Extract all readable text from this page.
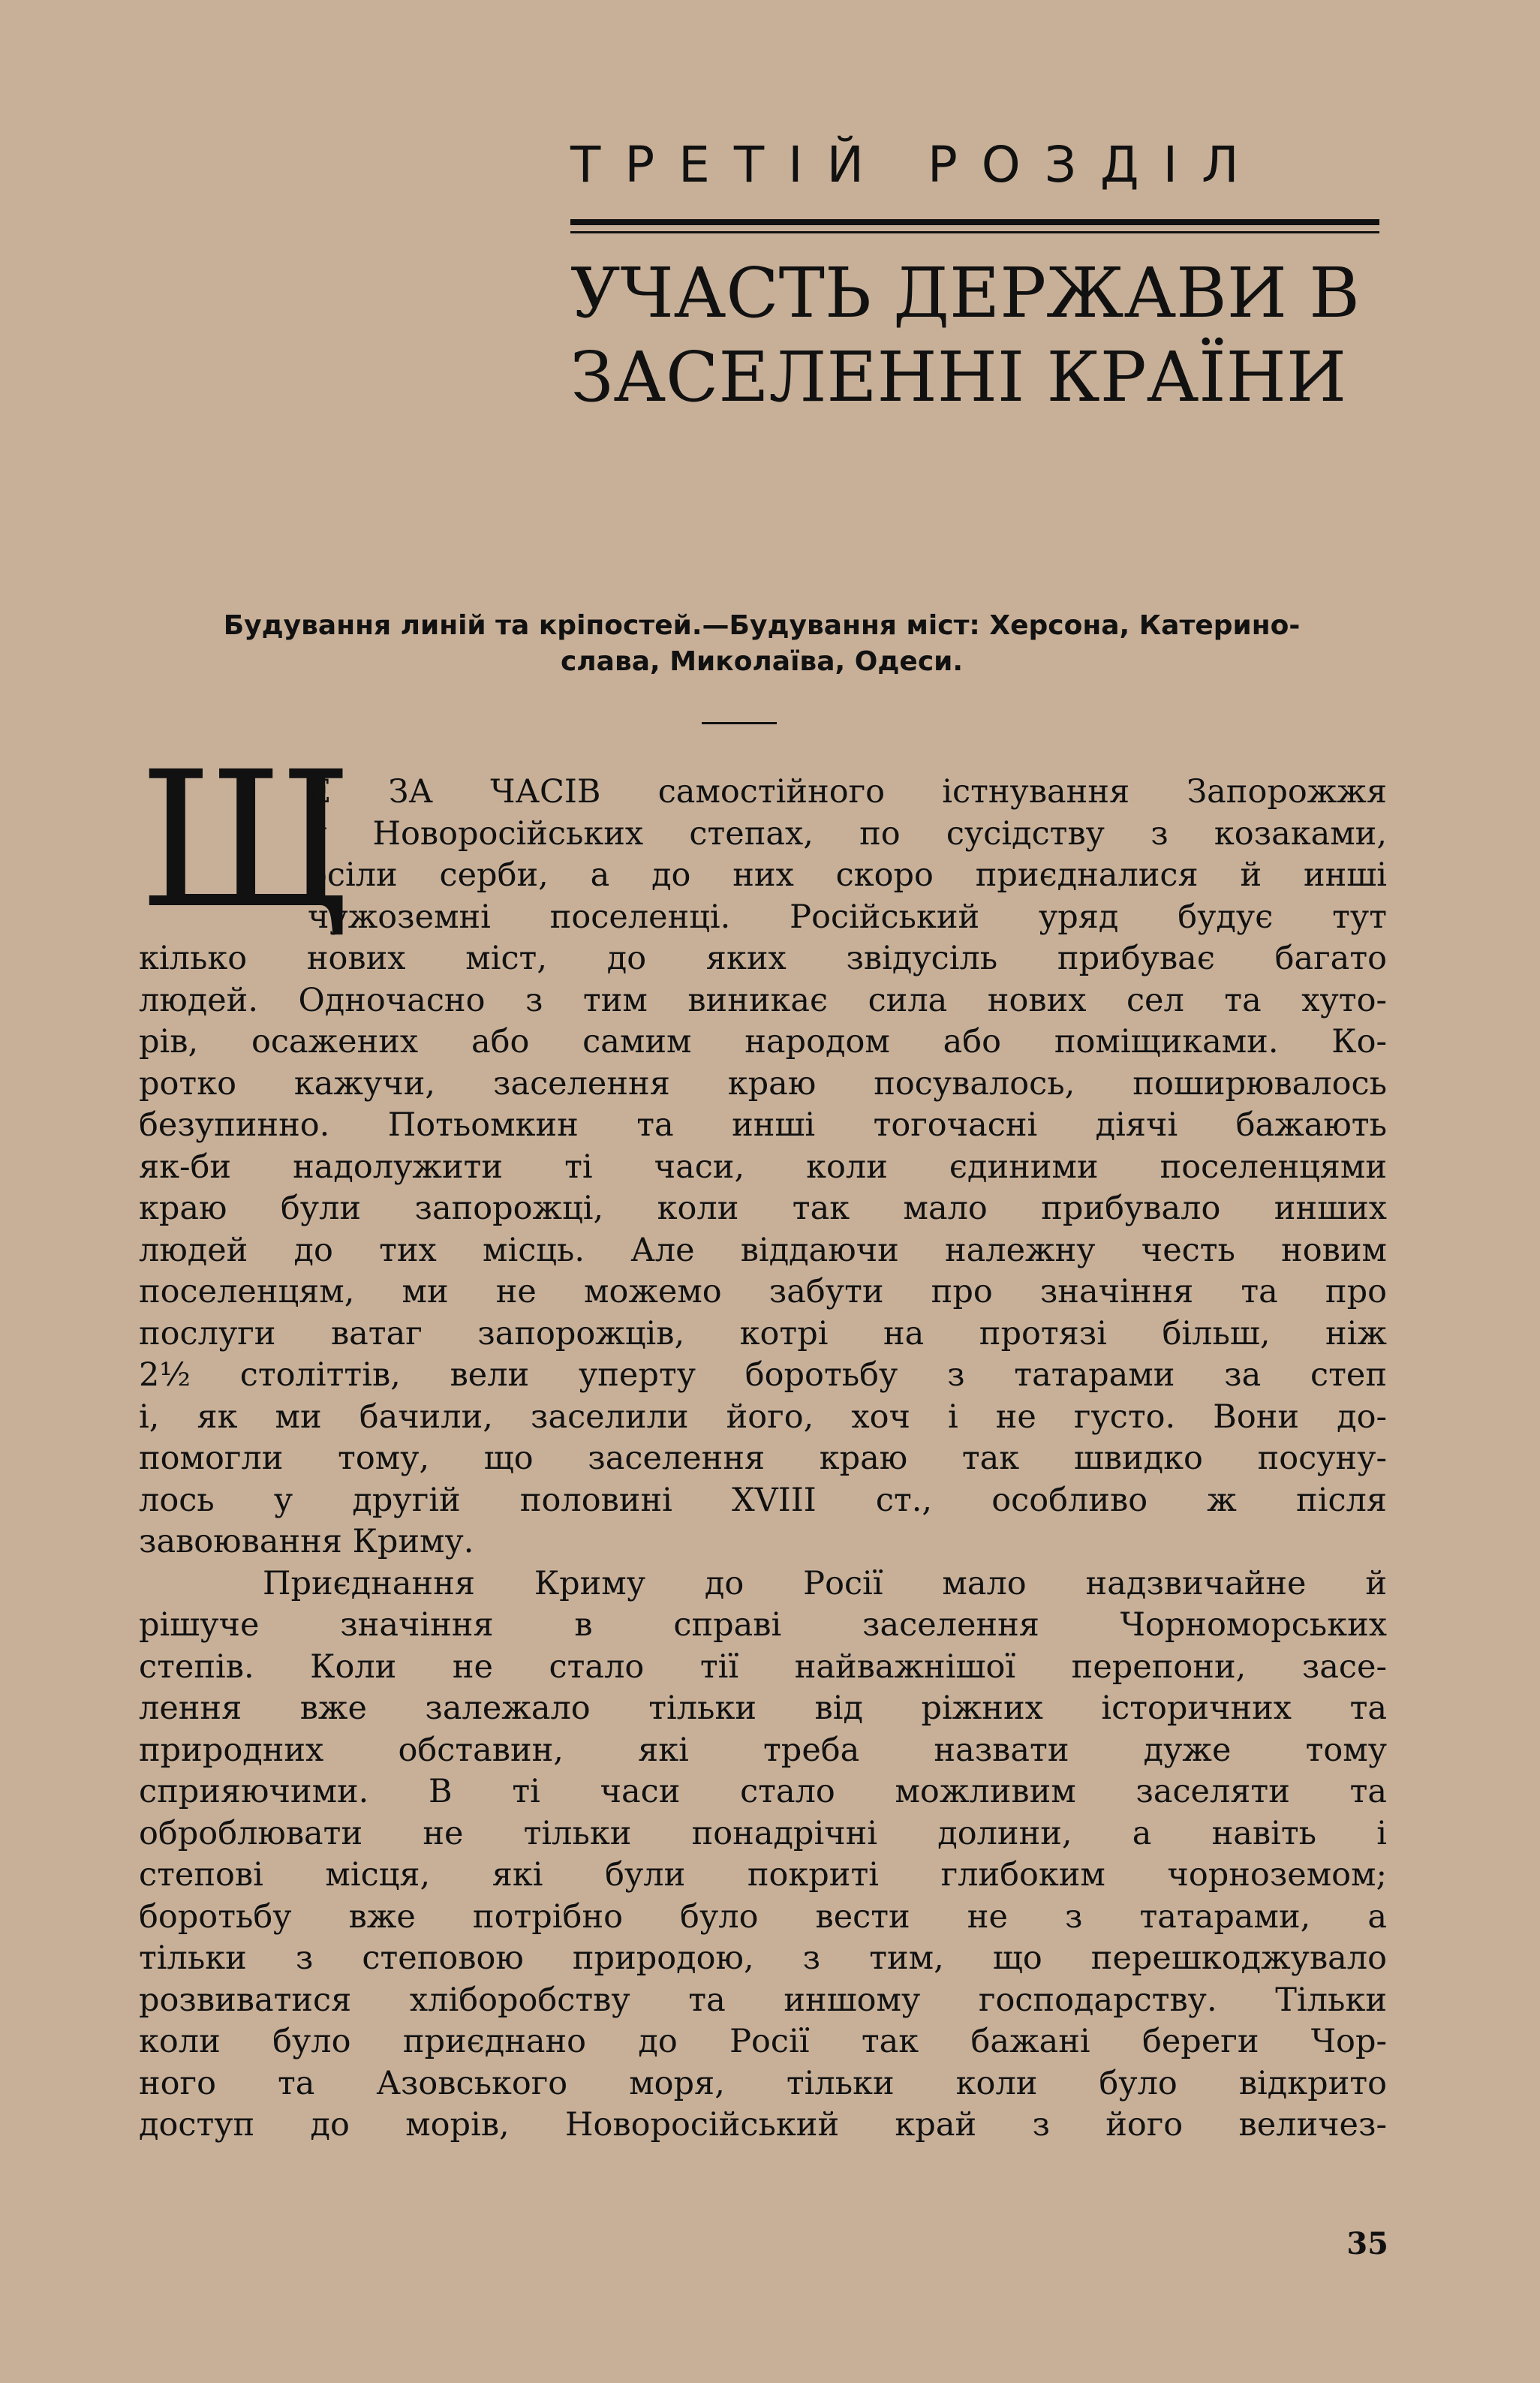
ТРЕТІЙ РОЗДІЛ
УЧАСТЬ ДЕРЖАВИ В
ЗАСЕЛЕННІ КРАЇНИ
Будування линій та кріпостей.—Будування міст: Херсона, Катерино-
слава, Миколаїва, Одеси.
Щ
Е ЗА ЧАСІВ самостійного істнування Запорожжя
у Новоросійських степах, по сусідству з козаками,
осіли серби, а до них скоро приєдналися й инші
чужоземні поселенці. Російський уряд будує тут
кілько нових міст, до яких звідусіль прибуває багато
людей. Одночасно з тим виникає сила нових сел та хуто-
рів, осажених або самим народом або поміщиками. Ко-
ротко кажучи, заселення краю посувалось, поширювалось
безупинно. Потьомкин та инші тогочасні діячі бажають
як-би надолужити ті часи, коли єдиними поселенцями
краю були запорожці, коли так мало прибувало инших
людей до тих місць. Але віддаючи належну честь новим
поселенцям, ми не можемо забути про значіння та про
послуги ватаг запорожців, котрі на протязі більш, ніж
2½ століттів, вели уперту боротьбу з татарами за степ
і, як ми бачили, заселили його, хоч і не густо. Вони до-
помогли тому, що заселення краю так швидко посуну-
лось у другій половині XVIII ст., особливо ж після
завоювання Криму.
Приєднання Криму до Росії мало надзвичайне й
рішуче значіння в справі заселення Чорноморських
степів. Коли не стало тії найважнішої перепони, засе-
лення вже залежало тільки від ріжних історичних та
природних обставин, які треба назвати дуже тому
сприяючими. В ті часи стало можливим заселяти та
оброблювати не тільки понадрічні долини, а навіть і
степові місця, які були покриті глибоким чорноземом;
боротьбу вже потрібно було вести не з татарами, а
тільки з степовою природою, з тим, що перешкоджувало
розвиватися хліборобству та иншому господарству. Тільки
коли було приєднано до Росії так бажані береги Чор-
ного та Азовського моря, тільки коли було відкрито
доступ до морів, Новоросійський край з його величез-
35
